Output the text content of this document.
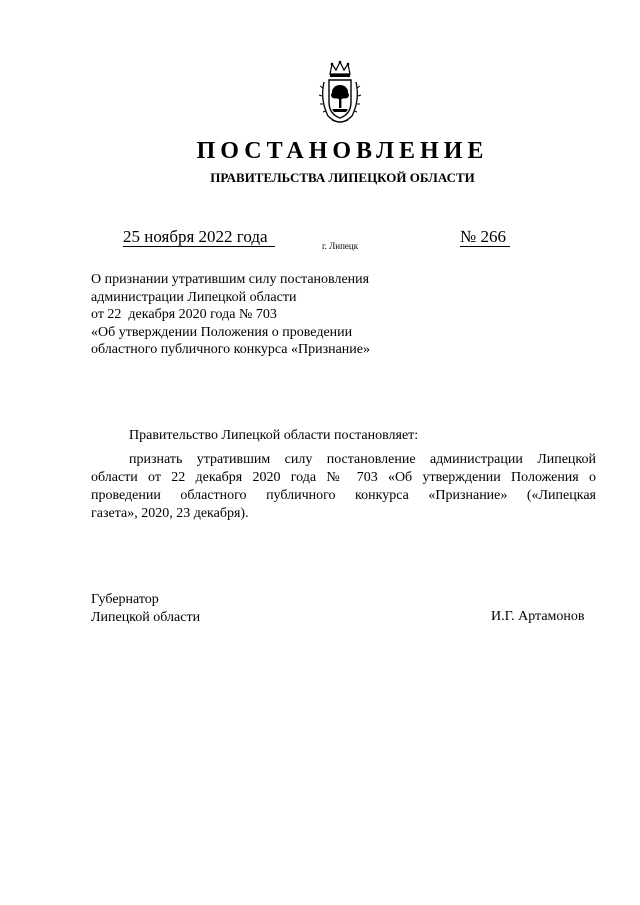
ПОСТАНОВЛЕНИЕ
ПРАВИТЕЛЬСТВА ЛИПЕЦКОЙ ОБЛАСТИ
25 ноября 2022 года	г. Липецк	№ 266
О признании утратившим силу постановления
администрации Липецкой области
от 22  декабря 2020 года № 703
«Об утверждении Положения о проведении
областного публичного конкурса «Признание»
Правительство Липецкой области постановляет:
признать утратившим силу постановление администрации Липецкой
области от 22 декабря 2020 года № 703 «Об утверждении Положения о
проведении областного публичного конкурса «Признание» («Липецкая
газета», 2020, 23 декабря).
Губернатор
Липецкой области	И.Г. Артамонов
